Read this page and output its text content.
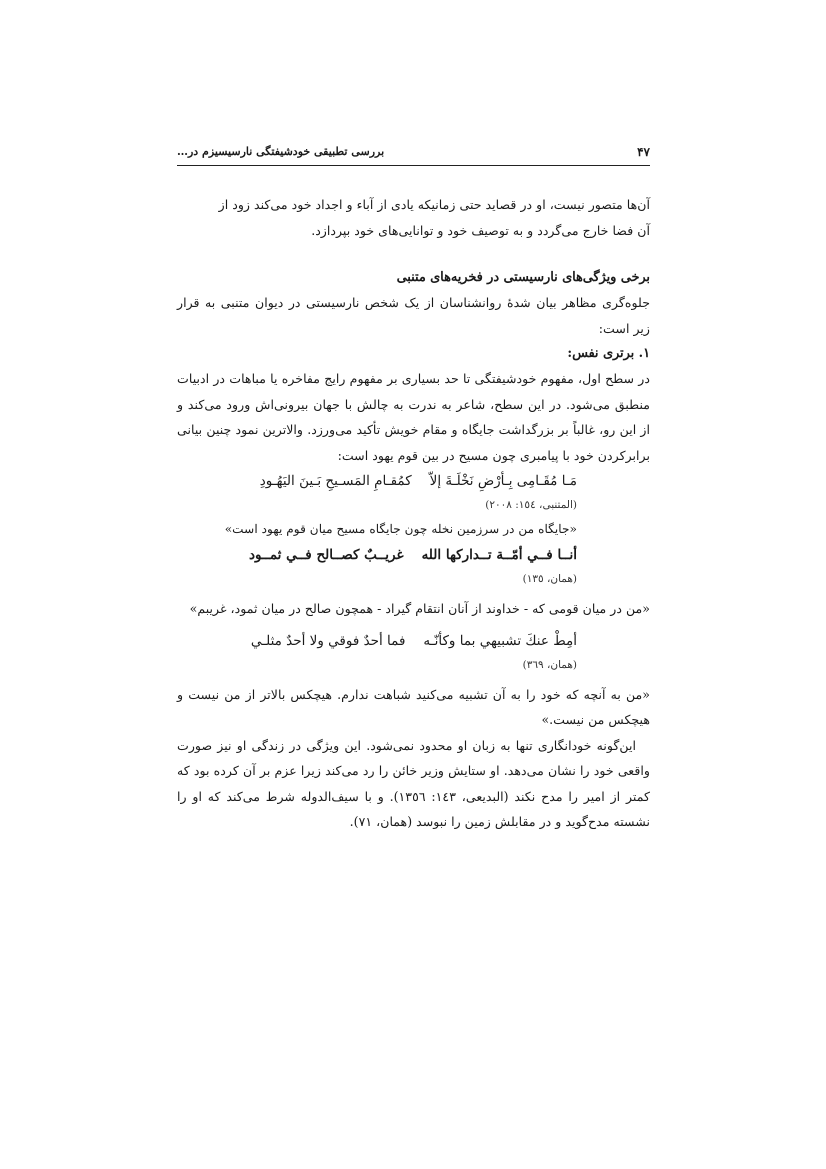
۴۷
بررسی تطبیقی خودشیفتگی نارسیسیزم در…

آن‌ها متصور نیست، او در قصاید حتی زمانیکه یادی از آباء و اجداد خود می‌کند زود از

آن فضا خارج می‌گردد و به توصیف خود و توانایی‌های خود بپردازد.

برخی ویژگی‌های نارسیستی در فخریه‌های متنبی

جلوه‌گری مظاهر بیان شدۀ روانشناسان از یک شخص نارسیستی در دیوان متنبی به قرار زیر است:

۱. برتری نفس:

در سطح اول، مفهوم خودشیفتگی تا حد بسیاری بر مفهوم رایج مفاخره یا مباهات در ادبیات منطبق می‌شود. در این سطح، شاعر به ندرت به چالش با جهان بیرونی‌اش ورود می‌کند و از این رو، غالباً بر بزرگداشت جایگاه و مقام خویش تأکید می‌ورزد. والاترین نمود چنین بیانی برابرکردن خود با پیامبری چون مسیح در بین قوم یهود است:

مَـا مُقَـامِى بِـأرْضِ نَخْلَـةَ إلاّ
كمُقـامِ المَسـيحِ بَـينَ اليَهُـودِ
(المتنبی، ١٥٤: ٢٠٠٨)
«جایگاه من در سرزمین نخله چون جایگاه مسیح میان قوم یهود است»
أنــا فــي أمّــة تــداركها الله
غريــبٌ كصــالح فــي ثمــود
(همان، ١٣٥)

«من در میان قومی که - خداوند از آنان انتقام گیراد - همچون صالح در میان ثمود، غریبم»

أمِطْ عنكَ تشبيهي بما وكأنّـه
فما أحدٌ فوقي ولا أحدٌ مثلـي
(همان، ٣٦٩)

«من به آنچه که خود را به آن تشبیه می‌کنید شباهت ندارم. هیچکس بالاتر از من نیست و هیچکس من نیست.»

این‌گونه خودانگاری تنها به زبان او محدود نمی‌شود. این ویژگی در زندگی او نیز صورت واقعی خود را نشان می‌دهد. او ستایش وزیر خائن را رد می‌کند زیرا عزم بر آن کرده بود که کمتر از امیر را مدح نکند (البدیعی، ١٤٣: ١٣٥٦). و با سیف‌الدوله شرط می‌کند که او را نشسته مدح‌گوید و در مقابلش زمین را نبوسد (همان، ٧١).
